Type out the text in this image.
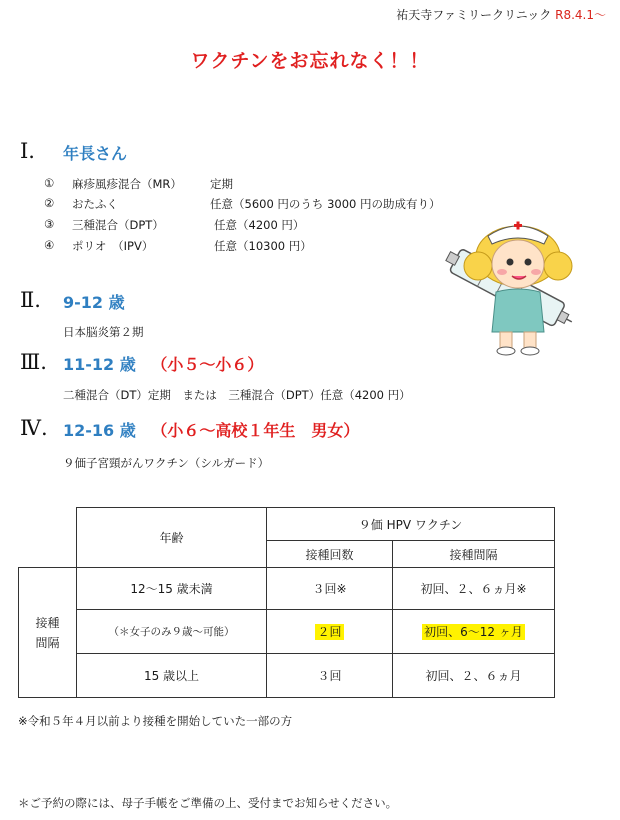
祐天寺ファミリークリニック R8.4.1～
ワクチンをお忘れなく！！
Ⅰ. 年長さん
① 麻疹風疹混合（MR） 定期
② おたふく	任意（5600 円のうち 3000 円の助成有り）
③ 三種混合（DPT）	任意（4200 円）
④ ポリオ　（IPV）	任意（10300 円）
Ⅱ. 9-12 歳
日本脳炎第２期
Ⅲ. 11-12 歳 （小５～小６）
二種混合（DT）定期　または　三種混合（DPT）任意（4200 円）
Ⅳ. 12-16 歳 （小６～高校１年生　男女）
９価子宮頸がんワクチン（シルガード）
	年齢	９価 HPV ワクチン	
		接種回数	接種間隔
接種
間隔	12～15 歳未満	３回※	初回、２、６ヵ月※
	（＊女子のみ９歳～可能）	２回	初回、6～12 ヶ月
	15 歳以上	３回	初回、２、６ヵ月
※令和５年４月以前より接種を開始していた一部の方
＊ご予約の際には、母子手帳をご準備の上、受付までお知らせください。
